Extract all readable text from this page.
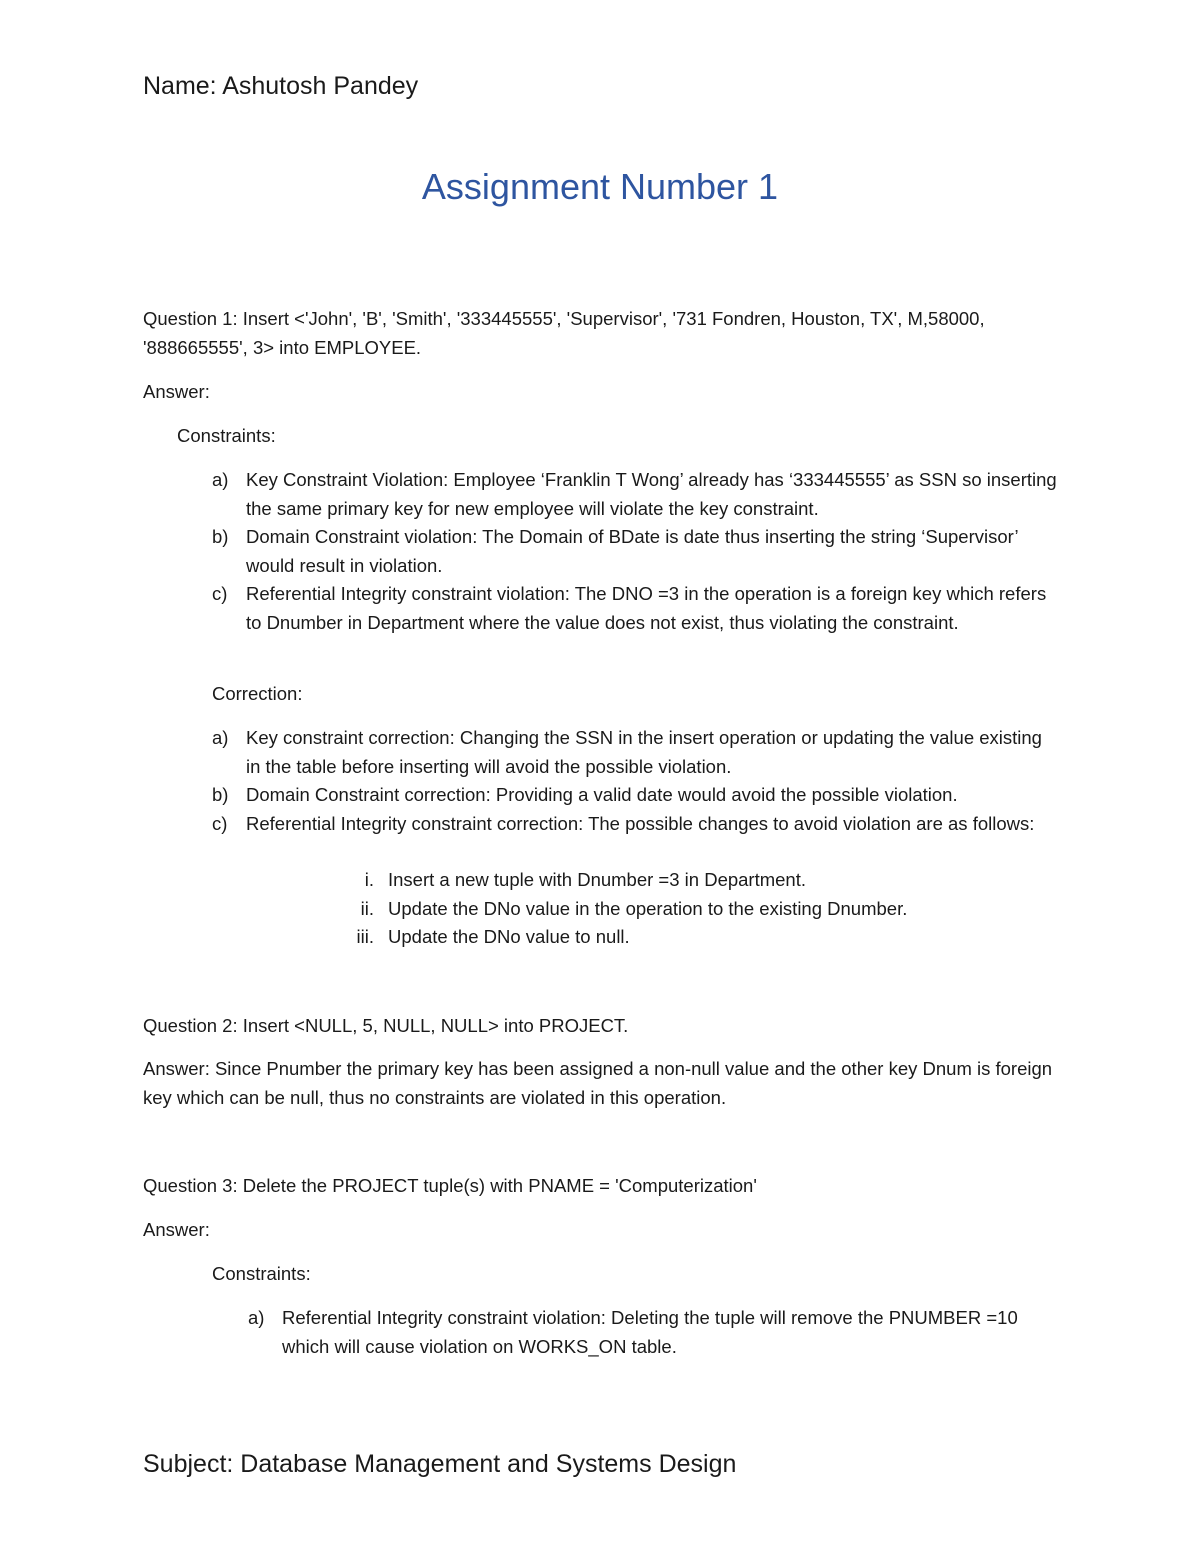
Name: Ashutosh Pandey
Assignment Number 1
Question 1: Insert <'John', 'B', 'Smith', '333445555', 'Supervisor', '731 Fondren, Houston, TX', M,58000,
'888665555', 3> into EMPLOYEE.
Answer:
Constraints:
a) Key Constraint Violation: Employee ‘Franklin T Wong’ already has ‘333445555’ as SSN so inserting the same primary key for new employee will violate the key constraint.
b) Domain Constraint violation: The Domain of BDate is date thus inserting the string ‘Supervisor’ would result in violation.
c) Referential Integrity constraint violation: The DNO =3 in the operation is a foreign key which refers to Dnumber in Department where the value does not exist, thus violating the constraint.
Correction:
a) Key constraint correction: Changing the SSN in the insert operation or updating the value existing in the table before inserting will avoid the possible violation.
b) Domain Constraint correction: Providing a valid date would avoid the possible violation.
c) Referential Integrity constraint correction: The possible changes to avoid violation are as follows:
i. Insert a new tuple with Dnumber =3 in Department.
ii. Update the DNo value in the operation to the existing Dnumber.
iii. Update the DNo value to null.
Question 2: Insert <NULL, 5, NULL, NULL> into PROJECT.
Answer: Since Pnumber the primary key has been assigned a non-null value and the other key Dnum is foreign key which can be null, thus no constraints are violated in this operation.
Question 3: Delete the PROJECT tuple(s) with PNAME = 'Computerization'
Answer:
Constraints:
a) Referential Integrity constraint violation: Deleting the tuple will remove the PNUMBER =10 which will cause violation on WORKS_ON table.
Subject: Database Management and Systems Design
